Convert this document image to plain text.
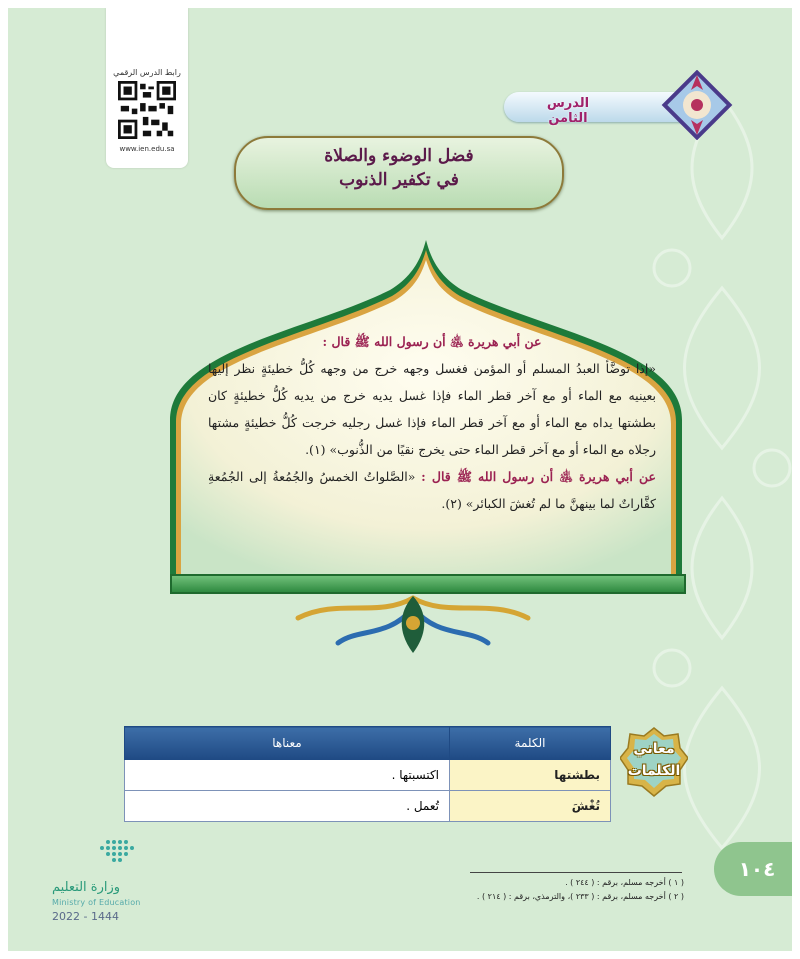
رابط الدرس الرقمي
www.ien.edu.sa
الدرس الثامن
فضل الوضوء والصلاة
في تكفير الذنوب
عن أبي هريرة ﵁ أن رسول الله ﷺ قال :
«إذا توضَّأ العبدُ المسلم أو المؤمن فغسل وجهه خرج من وجهه كُلُّ خطيئةٍ نظر إليها بعينيه مع الماء أو مع آخر قطر الماء فإذا غسل يديه خرج من يديه كُلُّ خطيئةٍ كان بطشتها يداه مع الماء أو مع آخر قطر الماء فإذا غسل رجليه خرجت كُلُّ خطيئةٍ مشتها رجلاه مع الماء أو مع آخر قطر الماء حتى يخرج نقيًا من الذُّنوب» (١).
عن أبي هريرة ﵁ أن رسول الله ﷺ قال : «الصَّلواتُ الخمسُ والجُمُعةُ إلى الجُمُعةِ كفَّاراتٌ لما بينهنَّ ما لم تُغشَ الكبائر» (٢).
معاني
الكلمات
الكلمة	معناها
بطشتها	اكتسبتها .
تُغْشَ	تُعمل .
١٠٤
( ١ ) أخرجه مسلم، برقم : ( ٢٤٤ ) .
( ٢ ) أخرجه مسلم، برقم : ( ٢٣٣ )، والترمذي، برقم : ( ٢١٤ ) .
وزارة التعليم
Ministry of Education
2022 - 1444
